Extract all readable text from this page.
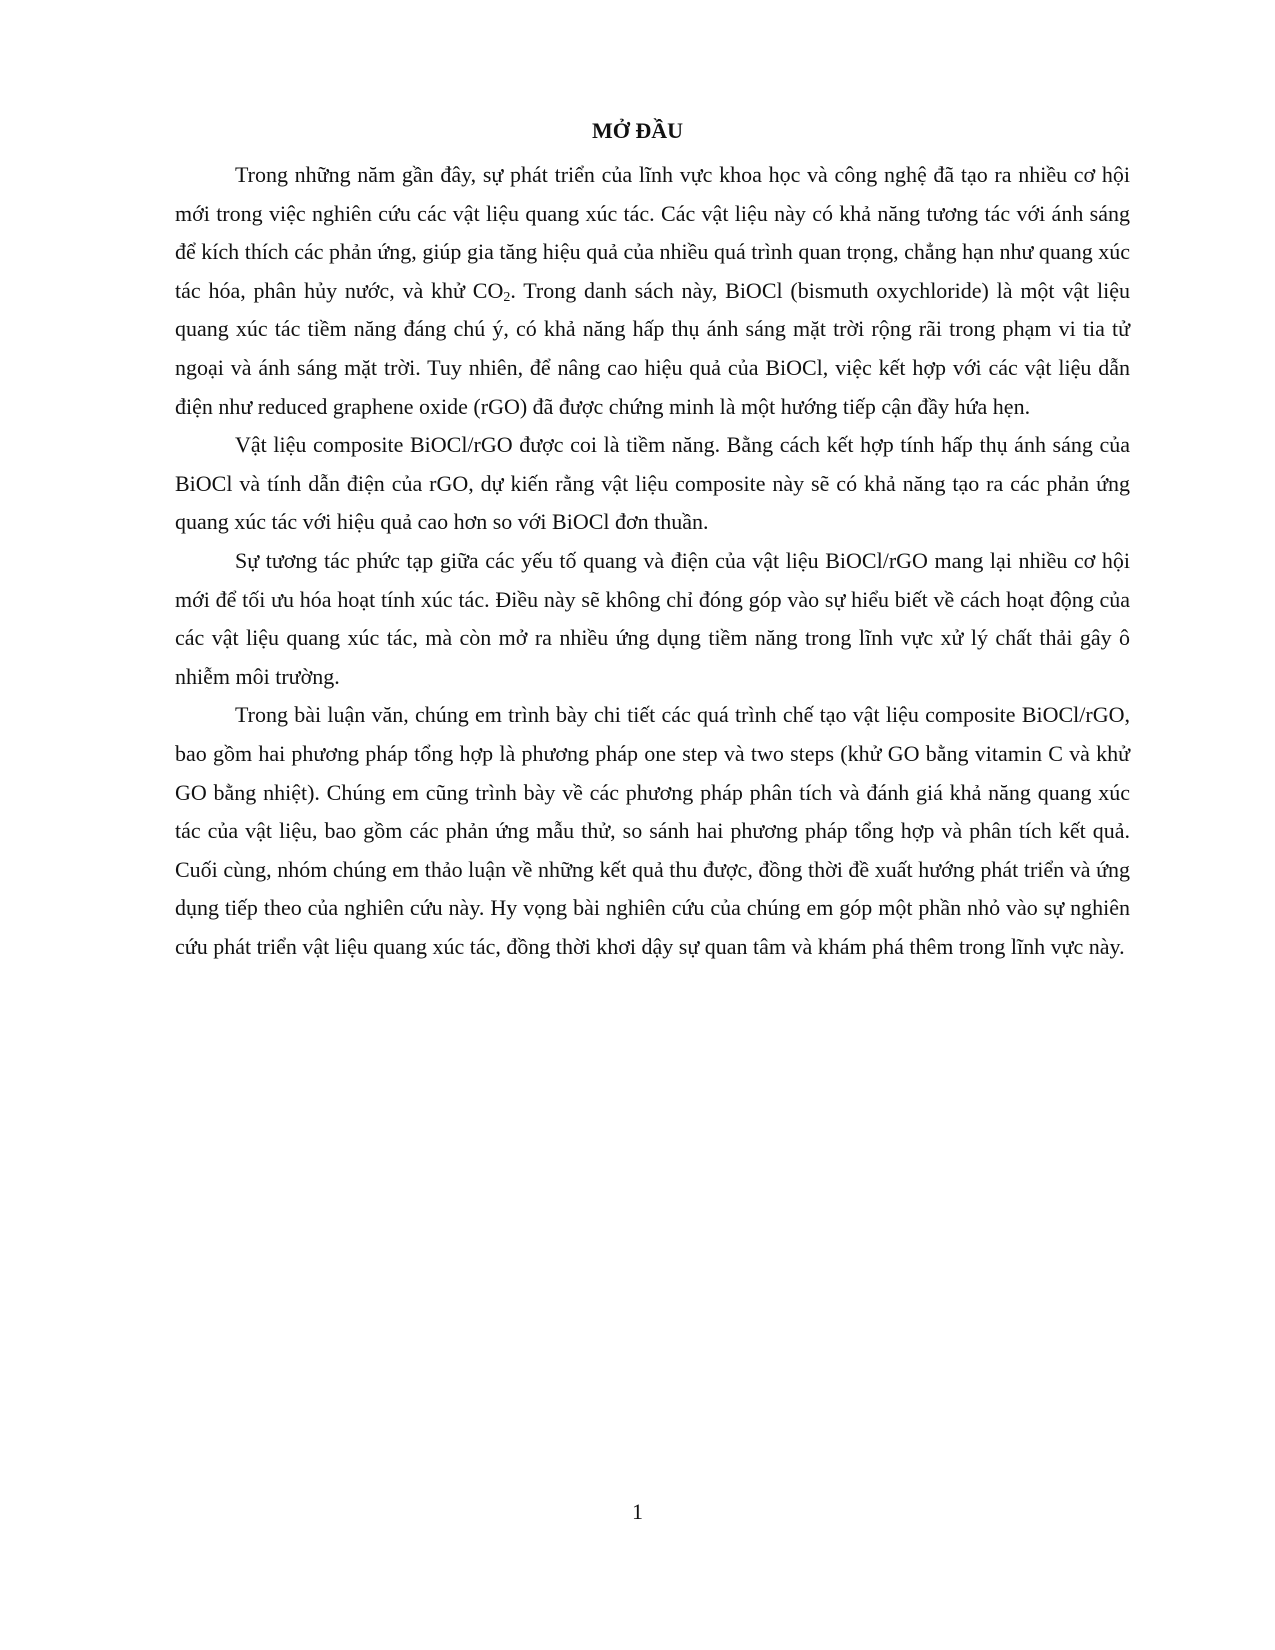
MỞ ĐẦU

Trong những năm gần đây, sự phát triển của lĩnh vực khoa học và công nghệ đã tạo ra nhiều cơ hội mới trong việc nghiên cứu các vật liệu quang xúc tác. Các vật liệu này có khả năng tương tác với ánh sáng để kích thích các phản ứng, giúp gia tăng hiệu quả của nhiều quá trình quan trọng, chẳng hạn như quang xúc tác hóa, phân hủy nước, và khử $CO_2$. Trong danh sách này, BiOCl (bismuth oxychloride) là một vật liệu quang xúc tác tiềm năng đáng chú ý, có khả năng hấp thụ ánh sáng mặt trời rộng rãi trong phạm vi tia tử ngoại và ánh sáng mặt trời. Tuy nhiên, để nâng cao hiệu quả của BiOCl, việc kết hợp với các vật liệu dẫn điện như reduced graphene oxide (rGO) đã được chứng minh là một hướng tiếp cận đầy hứa hẹn.

Vật liệu composite BiOCl/rGO được coi là tiềm năng. Bằng cách kết hợp tính hấp thụ ánh sáng của BiOCl và tính dẫn điện của rGO, dự kiến rằng vật liệu composite này sẽ có khả năng tạo ra các phản ứng quang xúc tác với hiệu quả cao hơn so với BiOCl đơn thuần.

Sự tương tác phức tạp giữa các yếu tố quang và điện của vật liệu BiOCl/rGO mang lại nhiều cơ hội mới để tối ưu hóa hoạt tính xúc tác. Điều này sẽ không chỉ đóng góp vào sự hiểu biết về cách hoạt động của các vật liệu quang xúc tác, mà còn mở ra nhiều ứng dụng tiềm năng trong lĩnh vực xử lý chất thải gây ô nhiễm môi trường.

Trong bài luận văn, chúng em trình bày chi tiết các quá trình chế tạo vật liệu composite BiOCl/rGO, bao gồm hai phương pháp tổng hợp là phương pháp one step và two steps (khử GO bằng vitamin C và khử GO bằng nhiệt). Chúng em cũng trình bày về các phương pháp phân tích và đánh giá khả năng quang xúc tác của vật liệu, bao gồm các phản ứng mẫu thử, so sánh hai phương pháp tổng hợp và phân tích kết quả. Cuối cùng, nhóm chúng em thảo luận về những kết quả thu được, đồng thời đề xuất hướng phát triển và ứng dụng tiếp theo của nghiên cứu này. Hy vọng bài nghiên cứu của chúng em góp một phần nhỏ vào sự nghiên cứu phát triển vật liệu quang xúc tác, đồng thời khơi dậy sự quan tâm và khám phá thêm trong lĩnh vực này.

1
